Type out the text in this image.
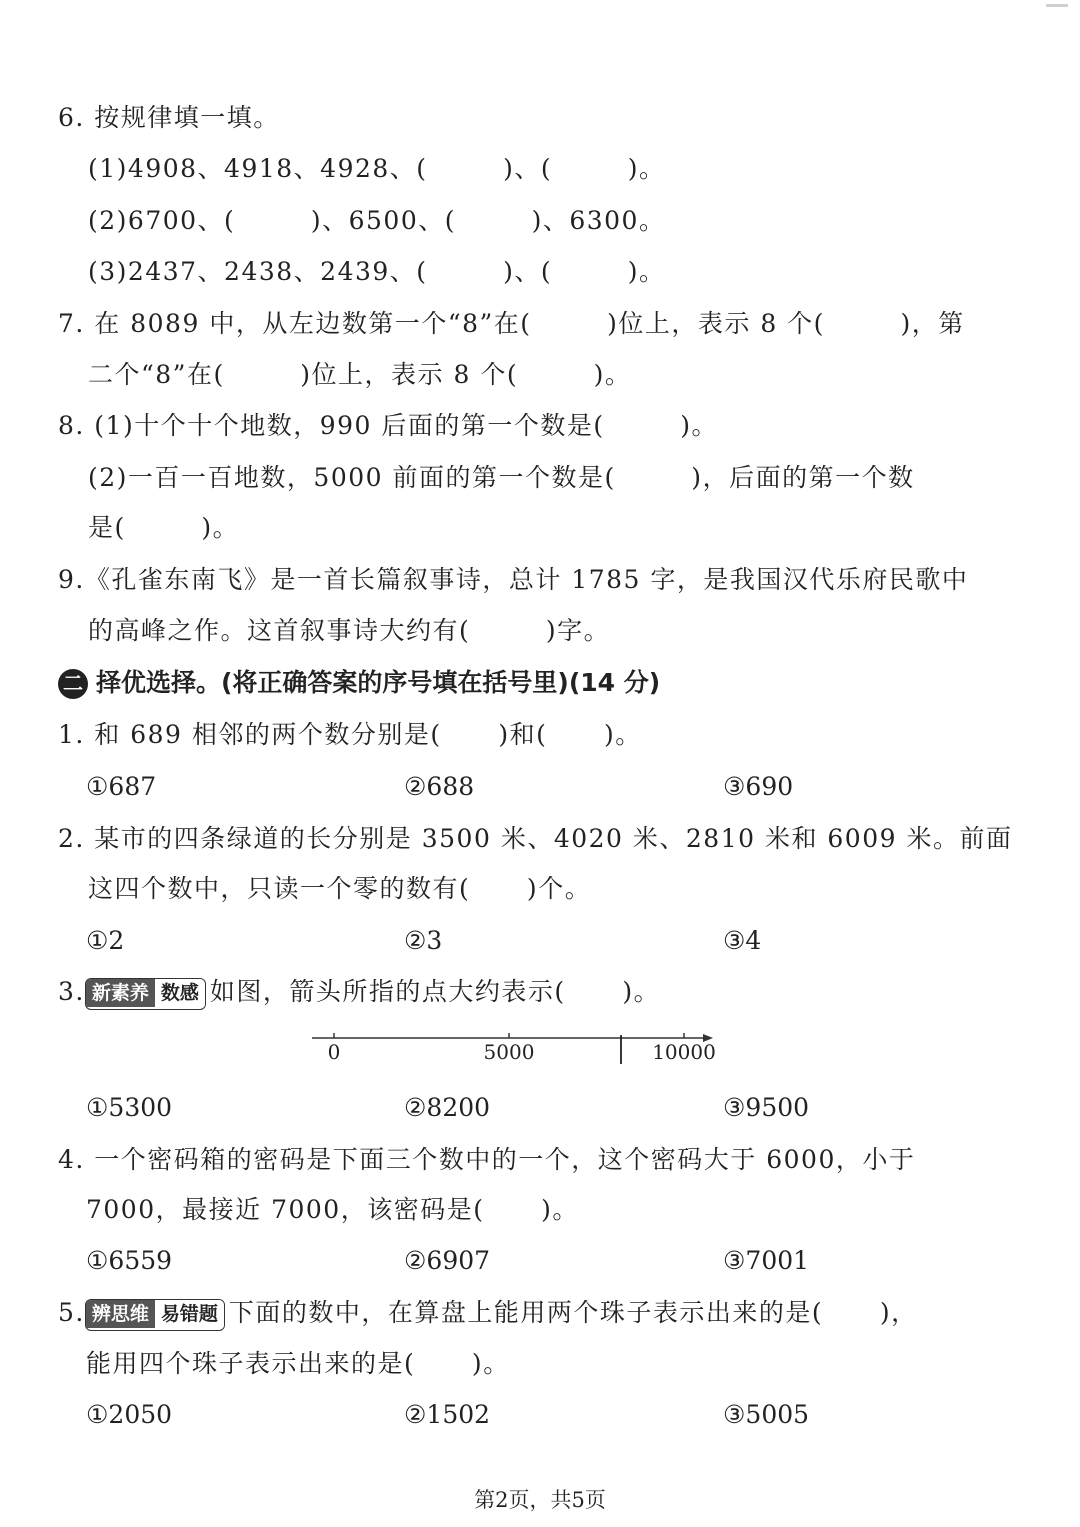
6. 按规律填一填。
(1)4908、4918、4928、(        )、(        )。
(2)6700、(        )、6500、(        )、6300。
(3)2437、2438、2439、(        )、(        )。
7. 在 8089 中，从左边数第一个“8”在(        )位上，表示 8 个(        )，第
二个“8”在(        )位上，表示 8 个(        )。
8. (1)十个十个地数，990 后面的第一个数是(        )。
(2)一百一百地数，5000 前面的第一个数是(        )，后面的第一个数
是(        )。
9.《孔雀东南飞》是一首长篇叙事诗，总计 1785 字，是我国汉代乐府民歌中
的高峰之作。这首叙事诗大约有(        )字。
二 择优选择。(将正确答案的序号填在括号里)(14 分)
1. 和 689 相邻的两个数分别是(      )和(      )。
①687	②688	③690
2. 某市的四条绿道的长分别是 3500 米、4020 米、2810 米和 6009 米。前面
这四个数中，只读一个零的数有(      )个。
①2	②3	③4
3. 新素养 数感 如图，箭头所指的点大约表示(      )。
0	5000	10000
①5300	②8200	③9500
4. 一个密码箱的密码是下面三个数中的一个，这个密码大于 6000，小于
7000，最接近 7000，该密码是(      )。
①6559	②6907	③7001
5. 辨思维 易错题 下面的数中，在算盘上能用两个珠子表示出来的是(      )，
能用四个珠子表示出来的是(      )。
①2050	②1502	③5005
第2页，共5页
